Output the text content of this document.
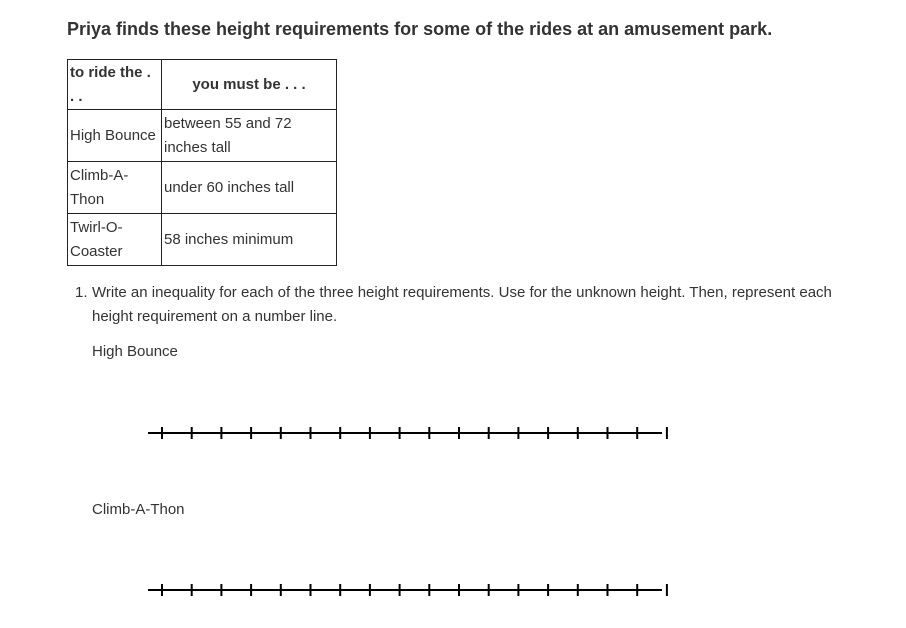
Priya finds these height requirements for some of the rides at an amusement park.
to ride the . . .	you must be . . .
High Bounce	between 55 and 72 inches tall
Climb-A-Thon	under 60 inches tall
Twirl-O-Coaster	58 inches minimum
1. Write an inequality for each of the three height requirements. Use for the unknown height. Then, represent each height requirement on a number line.

High Bounce

Climb-A-Thon
